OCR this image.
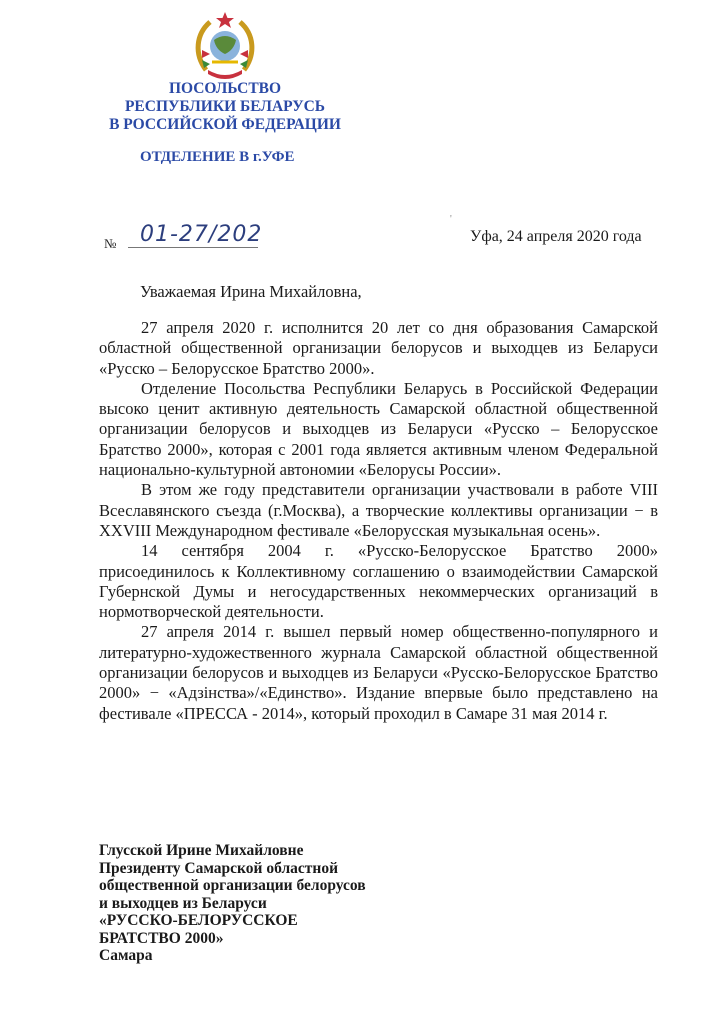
ПОСОЛЬСТВО
РЕСПУБЛИКИ БЕЛАРУСЬ
В РОССИЙСКОЙ ФЕДЕРАЦИИ
ОТДЕЛЕНИЕ В г.УФЕ
№ 01-27/202
'
Уфа, 24 апреля 2020 года
Уважаемая Ирина Михайловна,

27 апреля 2020 г. исполнится 20 лет со дня образования Самарской областной общественной организации белорусов и выходцев из Беларуси «Русско – Белорусское Братство 2000».

Отделение Посольства Республики Беларусь в Российской Федерации высоко ценит активную деятельность Самарской областной общественной организации белорусов и выходцев из Беларуси «Русско – Белорусское Братство 2000», которая с 2001 года является активным членом Федеральной национально-культурной автономии «Белорусы России».

В этом же году представители организации участвовали в работе VIII Всеславянского съезда (г.Москва), а творческие коллективы организации − в XXVIII Международном фестивале «Белорусская музыкальная осень».

14 сентября 2004 г. «Русско-Белорусское Братство 2000» присоединилось к Коллективному соглашению о взаимодействии Самарской Губернской Думы и негосударственных некоммерческих организаций в нормотворческой деятельности.

27 апреля 2014 г. вышел первый номер общественно-популярного и литературно-художественного журнала Самарской областной общественной организации белорусов и выходцев из Беларуси «Русско-Белорусское Братство 2000» − «Адзінства»/«Единство». Издание впервые было представлено на фестивале «ПРЕССА - 2014», который проходил в Самаре 31 мая 2014 г.

Глусской Ирине Михайловне
Президенту Самарской областной
общественной организации белорусов
и выходцев из Беларуси
«РУССКО-БЕЛОРУССКОЕ
БРАТСТВО 2000»
Самара
